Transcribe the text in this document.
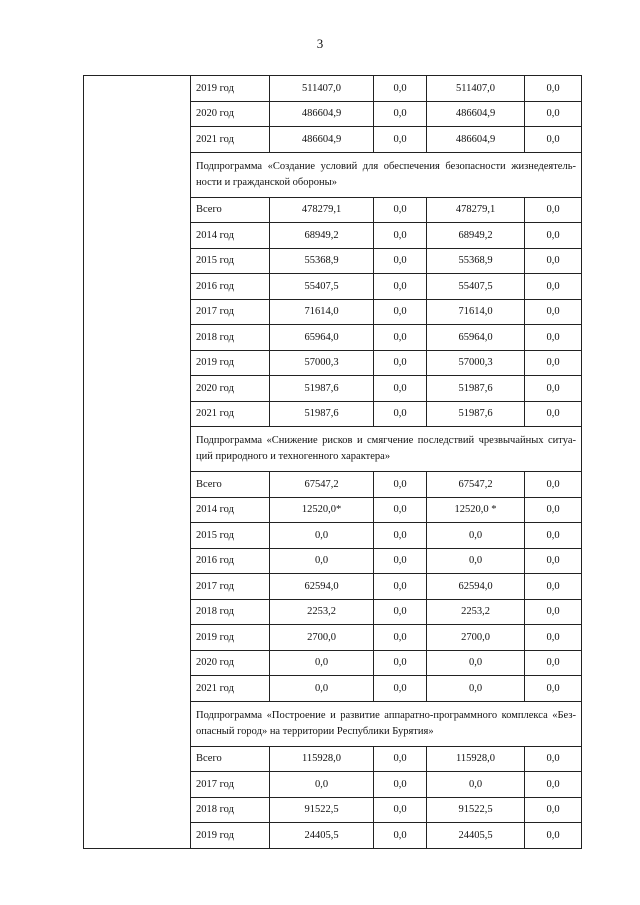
3
	2019 год	511407,0	0,0	511407,0	0,0
	2020 год	486604,9	0,0	486604,9	0,0
	2021 год	486604,9	0,0	486604,9	0,0
	Подпрограмма «Создание условий для обеспечения безопасности жизнедеятель-ности и гражданской обороны»				
	Всего	478279,1	0,0	478279,1	0,0
	2014 год	68949,2	0,0	68949,2	0,0
	2015 год	55368,9	0,0	55368,9	0,0
	2016 год	55407,5	0,0	55407,5	0,0
	2017 год	71614,0	0,0	71614,0	0,0
	2018 год	65964,0	0,0	65964,0	0,0
	2019 год	57000,3	0,0	57000,3	0,0
	2020 год	51987,6	0,0	51987,6	0,0
	2021 год	51987,6	0,0	51987,6	0,0
	Подпрограмма «Снижение рисков и смягчение последствий чрезвычайных ситуа-ций природного и техногенного характера»				
	Всего	67547,2	0,0	67547,2	0,0
	2014 год	12520,0*	0,0	12520,0 *	0,0
	2015 год	0,0	0,0	0,0	0,0
	2016 год	0,0	0,0	0,0	0,0
	2017 год	62594,0	0,0	62594,0	0,0
	2018 год	2253,2	0,0	2253,2	0,0
	2019 год	2700,0	0,0	2700,0	0,0
	2020 год	0,0	0,0	0,0	0,0
	2021 год	0,0	0,0	0,0	0,0
	Подпрограмма «Построение и развитие аппаратно-программного комплекса «Без-опасный город» на территории Республики Бурятия»				
	Всего	115928,0	0,0	115928,0	0,0
	2017 год	0,0	0,0	0,0	0,0
	2018 год	91522,5	0,0	91522,5	0,0
	2019 год	24405,5	0,0	24405,5	0,0
